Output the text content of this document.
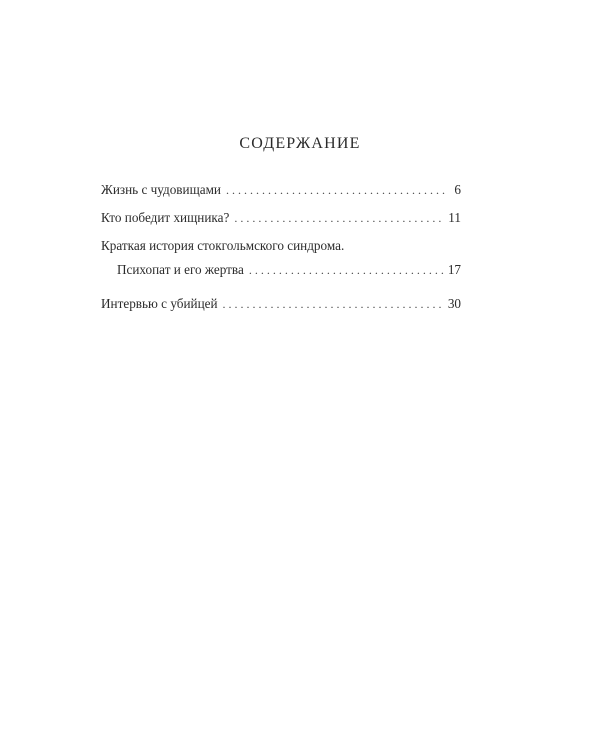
СОДЕРЖАНИЕ
Жизнь с чудовищами . . .	6
Кто победит хищника? . . .	11
Краткая история стокгольмского синдрома.
Психопат и его жертва . . .	17
Интервью с убийцей . . .	30
